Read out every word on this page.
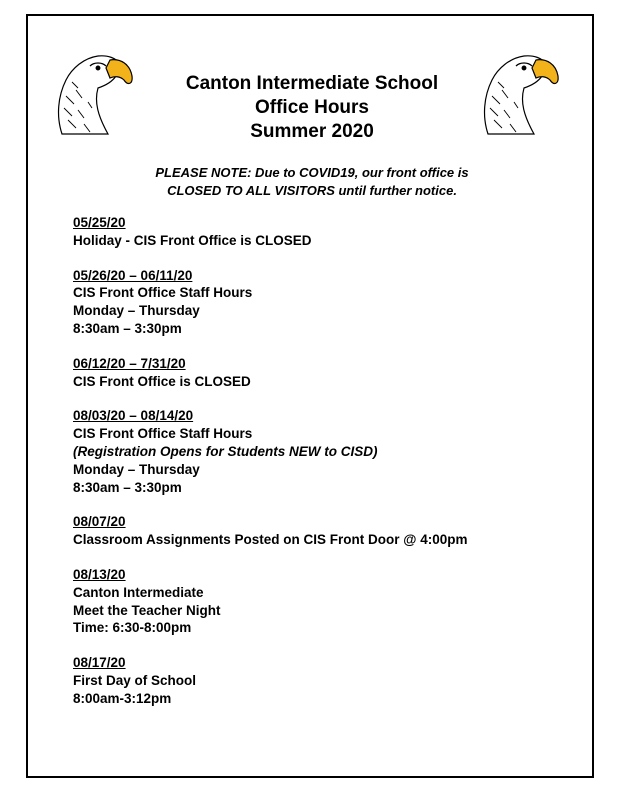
Canton Intermediate School
Office Hours
Summer 2020
PLEASE NOTE: Due to COVID19, our front office is
CLOSED TO ALL VISITORS until further notice.
05/25/20
Holiday - CIS Front Office is CLOSED
05/26/20 – 06/11/20
CIS Front Office Staff Hours
Monday – Thursday
8:30am – 3:30pm
06/12/20 – 7/31/20
CIS Front Office is CLOSED
08/03/20 – 08/14/20
CIS Front Office Staff Hours
(Registration Opens for Students NEW to CISD)
Monday – Thursday
8:30am – 3:30pm
08/07/20
Classroom Assignments Posted on CIS Front Door @ 4:00pm
08/13/20
Canton Intermediate
Meet the Teacher Night
Time: 6:30-8:00pm
08/17/20
First Day of School
8:00am-3:12pm
